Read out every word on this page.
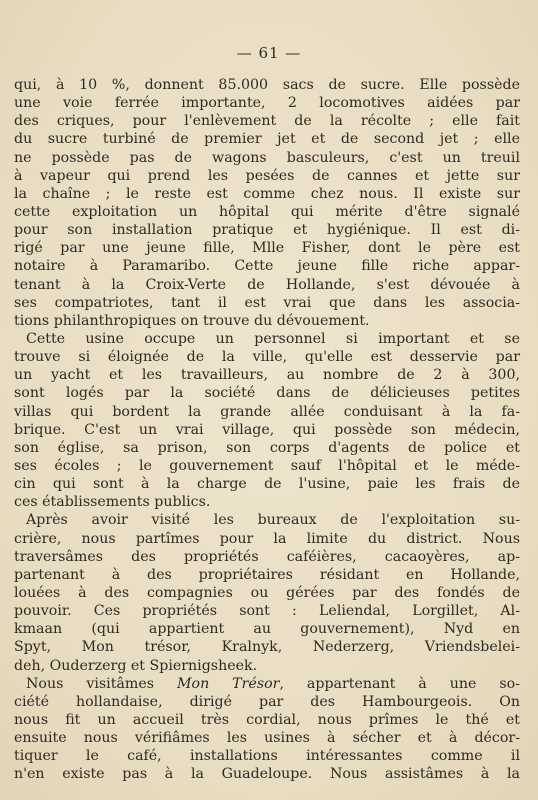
— 61 —
qui, à 10 %, donnent 85.000 sacs de sucre. Elle possède
une voie ferrée importante, 2 locomotives aidées par
des criques, pour l'enlèvement de la récolte ; elle fait
du sucre turbiné de premier jet et de second jet ; elle
ne possède pas de wagons basculeurs, c'est un treuil
à vapeur qui prend les pesées de cannes et jette sur
la chaîne ; le reste est comme chez nous. Il existe sur
cette exploitation un hôpital qui mérite d'être signalé
pour son installation pratique et hygiénique. Il est di-
rigé par une jeune fille, Mlle Fisher, dont le père est
notaire à Paramaribo. Cette jeune fille riche appar-
tenant à la Croix-Verte de Hollande, s'est dévouée à
ses compatriotes, tant il est vrai que dans les associa-
tions philanthropiques on trouve du dévouement.
Cette usine occupe un personnel si important et se
trouve si éloignée de la ville, qu'elle est desservie par
un yacht et les travailleurs, au nombre de 2 à 300,
sont logés par la société dans de délicieuses petites
villas qui bordent la grande allée conduisant à la fa-
brique. C'est un vrai village, qui possède son médecin,
son église, sa prison, son corps d'agents de police et
ses écoles ; le gouvernement sauf l'hôpital et le méde-
cin qui sont à la charge de l'usine, paie les frais de
ces établissements publics.
Après avoir visité les bureaux de l'exploitation su-
crière, nous partîmes pour la limite du district. Nous
traversâmes des propriétés caféières, cacaoyères, ap-
partenant à des propriétaires résidant en Hollande,
louées à des compagnies ou gérées par des fondés de
pouvoir. Ces propriétés sont : Leliendal, Lorgillet, Al-
kmaan (qui appartient au gouvernement), Nyd en
Spyt, Mon trésor, Kralnyk, Nederzerg, Vriendsbelei-
deh, Ouderzerg et Spiernigsheek.
Nous visitâmes Mon Trésor, appartenant à une so-
ciété hollandaise, dirigé par des Hambourgeois. On
nous fit un accueil très cordial, nous prîmes le thé et
ensuite nous vérifiâmes les usines à sécher et à décor-
tiquer le café, installations intéressantes comme il
n'en existe pas à la Guadeloupe. Nous assistâmes à la
